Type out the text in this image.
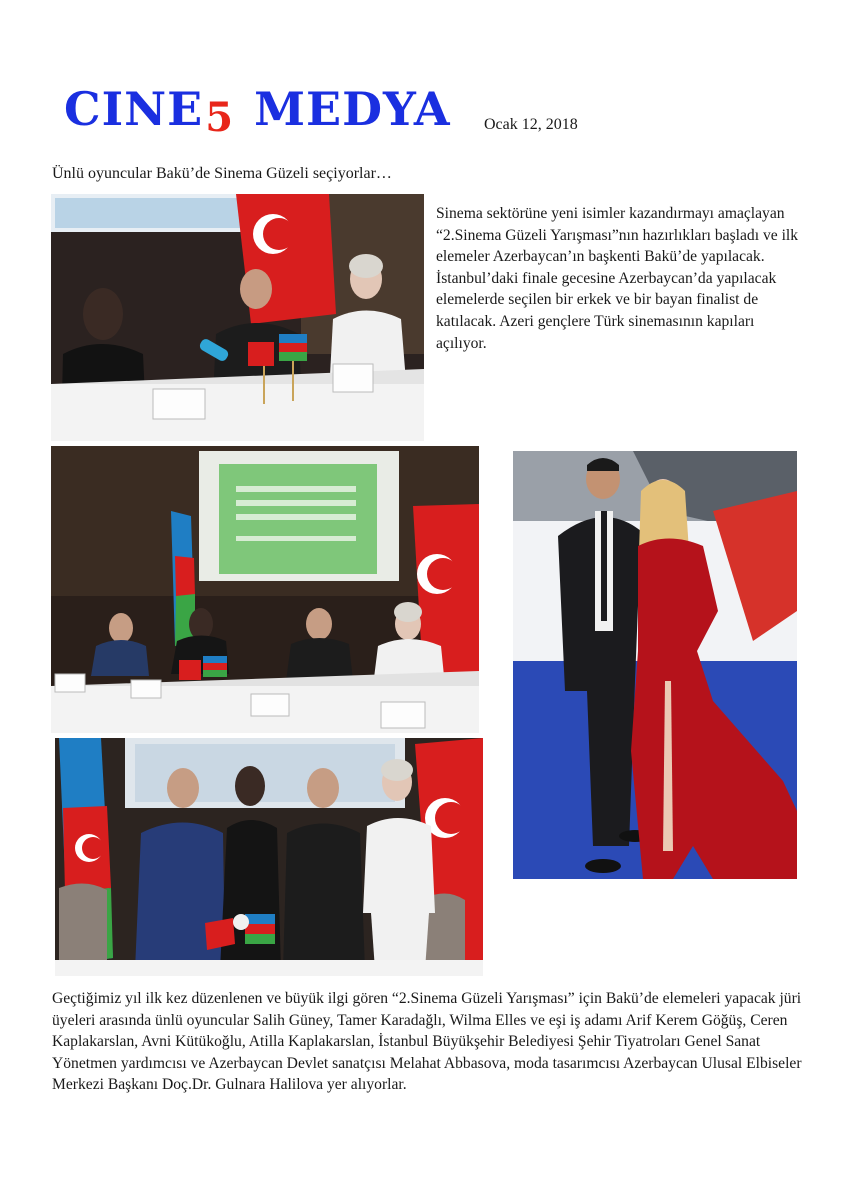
CINE 5 MEDYA Ocak 12, 2018
Ünlü oyuncular Bakü’de Sinema Güzeli seçiyorlar…
Sinema sektörüne yeni isimler kazandırmayı amaçlayan “2.Sinema Güzeli Yarışması”nın hazırlıkları başladı ve ilk elemeler Azerbaycan’ın başkenti Bakü’de yapılacak. İstanbul’daki finale gecesine Azerbaycan’da yapılacak elemelerde seçilen bir erkek ve bir bayan finalist de katılacak. Azeri gençlere Türk sinemasının kapıları açılıyor.
Geçtiğimiz yıl ilk kez düzenlenen ve büyük ilgi gören “2.Sinema Güzeli Yarışması” için Bakü’de elemeleri yapacak jüri üyeleri arasında ünlü oyuncular Salih Güney, Tamer Karadağlı, Wilma Elles ve eşi iş adamı Arif Kerem Göğüş, Ceren Kaplakarslan, Avni Kütükoğlu, Atilla Kaplakarslan, İstanbul Büyükşehir Belediyesi Şehir Tiyatroları Genel Sanat Yönetmen yardımcısı ve Azerbaycan Devlet sanatçısı Melahat Abbasova, moda tasarımcısı Azerbaycan Ulusal Elbiseler Merkezi Başkanı Doç.Dr. Gulnara Halilova yer alıyorlar.
